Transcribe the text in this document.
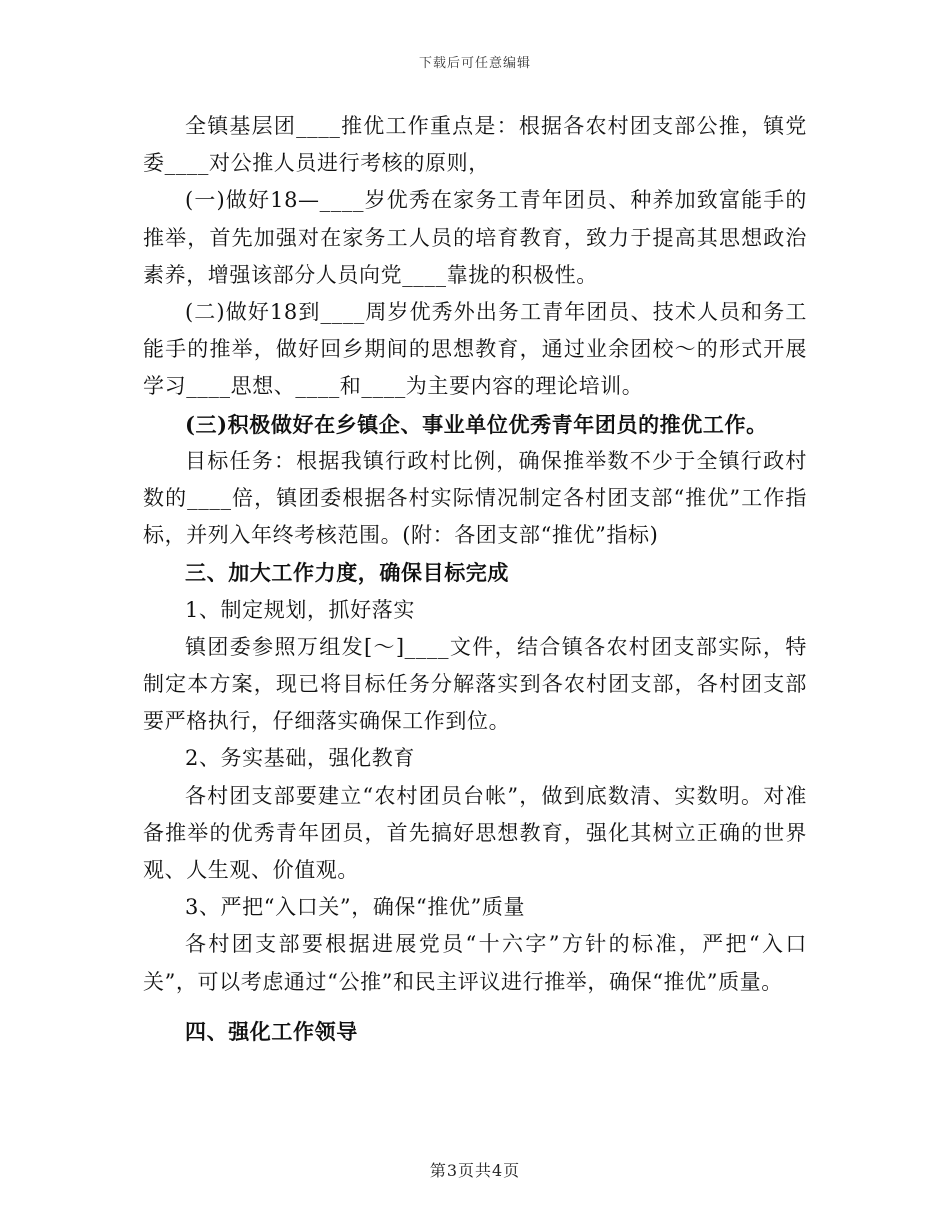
下载后可任意编辑

全镇基层团____推优工作重点是：根据各农村团支部公推，镇党委____对公推人员进行考核的原则，

(一)做好18—____岁优秀在家务工青年团员、种养加致富能手的推举，首先加强对在家务工人员的培育教育，致力于提高其思想政治素养，增强该部分人员向党____靠拢的积极性。

(二)做好18到____周岁优秀外出务工青年团员、技术人员和务工能手的推举，做好回乡期间的思想教育，通过业余团校～的形式开展学习____思想、____和____为主要内容的理论培训。

(三)积极做好在乡镇企、事业单位优秀青年团员的推优工作。

目标任务：根据我镇行政村比例，确保推举数不少于全镇行政村数的____倍，镇团委根据各村实际情况制定各村团支部“推优”工作指标，并列入年终考核范围。(附：各团支部“推优”指标)

三、加大工作力度，确保目标完成

1、制定规划，抓好落实

镇团委参照万组发[～]____文件，结合镇各农村团支部实际，特制定本方案，现已将目标任务分解落实到各农村团支部，各村团支部要严格执行，仔细落实确保工作到位。

2、务实基础，强化教育

各村团支部要建立“农村团员台帐”，做到底数清、实数明。对准备推举的优秀青年团员，首先搞好思想教育，强化其树立正确的世界观、人生观、价值观。

3、严把“入口关”，确保“推优”质量

各村团支部要根据进展党员“十六字”方针的标准，严把“入口关”，可以考虑通过“公推”和民主评议进行推举，确保“推优”质量。

四、强化工作领导

第3页共4页
